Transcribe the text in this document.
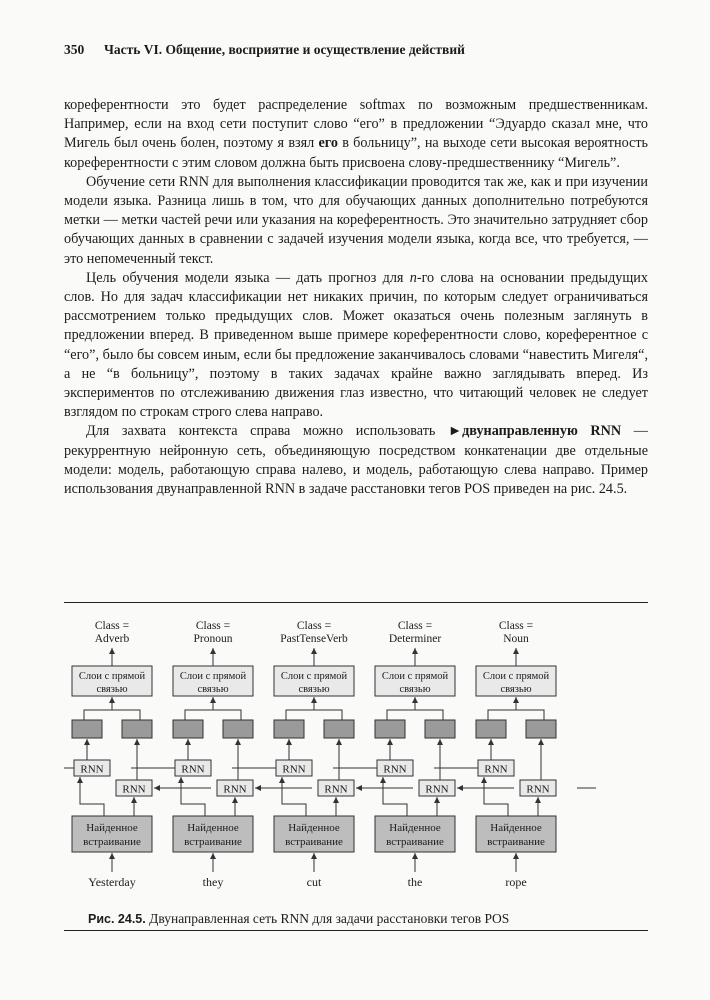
350 Часть VI. Общение, восприятие и осуществление действий

кореферентности это будет распределение softmax по возможным предшественникам. Например, если на вход сети поступит слово “его” в предложении “Эдуардо сказал мне, что Мигель был очень болен, поэтому я взял его в больницу”, на выходе сети высокая вероятность кореферентности с этим словом должна быть присвоена слову-предшественнику “Мигель”.

Обучение сети RNN для выполнения классификации проводится так же, как и при изучении модели языка. Разница лишь в том, что для обучающих данных дополнительно потребуются метки — метки частей речи или указания на кореферентность. Это значительно затрудняет сбор обучающих данных в сравнении с задачей изучения модели языка, когда все, что требуется, — это непомеченный текст.

Цель обучения модели языка — дать прогноз для n-го слова на основании предыдущих слов. Но для задач классификации нет никаких причин, по которым следует ограничиваться рассмотрением только предыдущих слов. Может оказаться очень полезным заглянуть в предложении вперед. В приведенном выше примере кореферентности слово, кореферентное с “его”, было бы совсем иным, если бы предложение заканчивалось словами “навестить Мигеля“, а не “в больницу”, поэтому в таких задачах крайне важно заглядывать вперед. Из экспериментов по отслеживанию движения глаз известно, что читающий человек не следует взглядом по строкам строго слева направо.

Для захвата контекста справа можно использовать ►двунаправленную RNN — рекуррентную нейронную сеть, объединяющую посредством конкатенации две отдельные модели: модель, работающую справа налево, и модель, работающую слева направо. Пример использования двунаправленной RNN в задаче расстановки тегов POS приведен на рис. 24.5.

Class =
Adverb
Слои с прямой
связью
RNN
RNN
Найденное
встраивание
Yesterday
Class =
Pronoun
Слои с прямой
связью
RNN
RNN
Найденное
встраивание
they
Class =
PastTenseVerb
Слои с прямой
связью
RNN
RNN
Найденное
встраивание
cut
Class =
Determiner
Слои с прямой
связью
RNN
RNN
Найденное
встраивание
the
Class =
Noun
Слои с прямой
связью
RNN
RNN
Найденное
встраивание
rope
Рис. 24.5. Двунаправленная сеть RNN для задачи расстановки тегов POS
